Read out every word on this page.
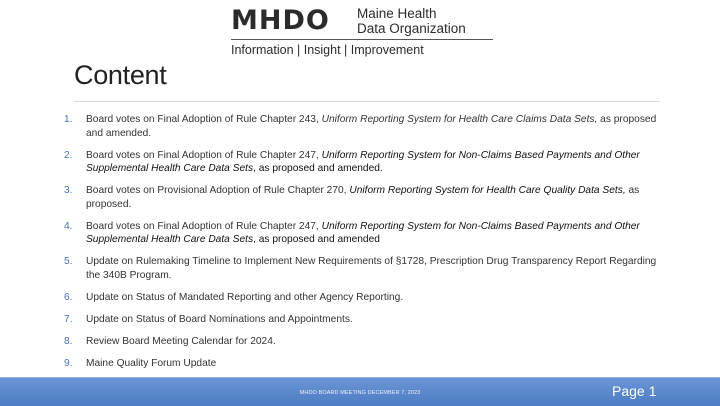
MHDO Maine Health
Data Organization
Information | Insight | Improvement
Content
1. Board votes on Final Adoption of Rule Chapter 243, Uniform Reporting System for Health Care Claims Data Sets, as proposed and amended.
2. Board votes on Final Adoption of Rule Chapter 247, Uniform Reporting System for Non-Claims Based Payments and Other Supplemental Health Care Data Sets, as proposed and amended.
3. Board votes on Provisional Adoption of Rule Chapter 270, Uniform Reporting System for Health Care Quality Data Sets, as proposed.
4. Board votes on Final Adoption of Rule Chapter 247, Uniform Reporting System for Non-Claims Based Payments and Other Supplemental Health Care Data Sets, as proposed and amended
5. Update on Rulemaking Timeline to Implement New Requirements of §1728, Prescription Drug Transparency Report Regarding the 340B Program.
6. Update on Status of Mandated Reporting and other Agency Reporting.
7. Update on Status of Board Nominations and Appointments.
8. Review Board Meeting Calendar for 2024.
9. Maine Quality Forum Update
MHDO BOARD MEETING DECEMBER 7, 2023	Page 1
